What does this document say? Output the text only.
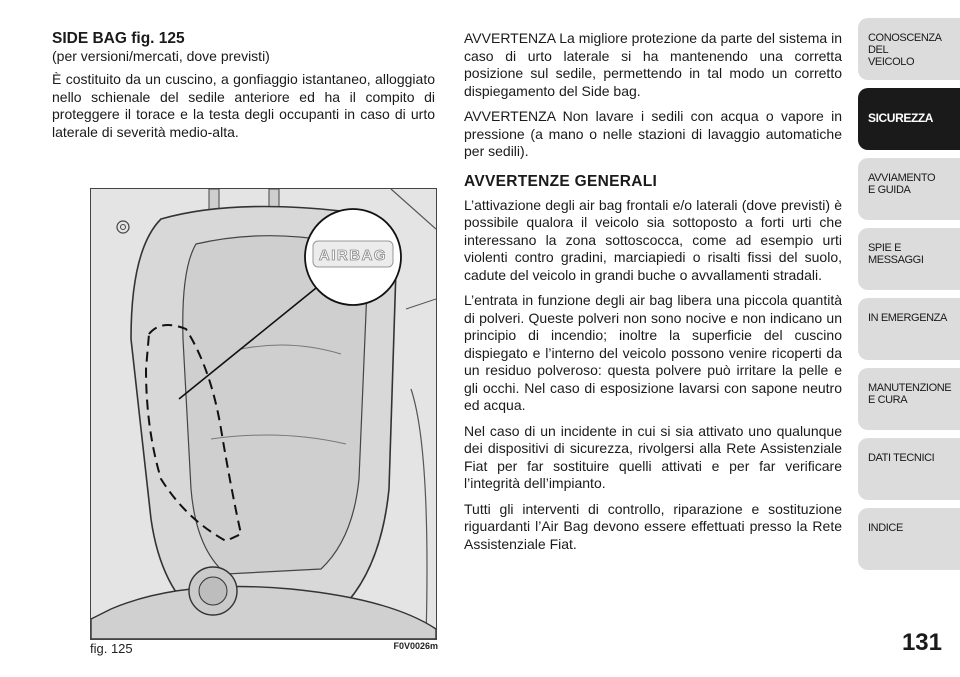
SIDE BAG fig. 125

(per versioni/mercati, dove previsti)

È costituito da un cuscino, a gonfiaggio istantaneo, alloggiato nello schienale del sedile anteriore ed ha il compito di proteggere il torace e la testa degli occupanti in caso di urto laterale di severità medio-alta.

AIRBAG
fig. 125	F0V0026m

AVVERTENZA La migliore protezione da parte del sistema in caso di urto laterale si ha mantenendo una corretta posizione sul sedile, permettendo in tal modo un corretto dispiegamento del Side bag.

AVVERTENZA Non lavare i sedili con acqua o vapore in pressione (a mano o nelle stazioni di lavaggio automatiche per sedili).

AVVERTENZE GENERALI

L’attivazione degli air bag frontali e/o laterali (dove previsti) è possibile qualora il veicolo sia sottoposto a forti urti che interessano la zona sottoscocca, come ad esempio urti violenti contro gradini, marciapiedi o risalti fissi del suolo, cadute del veicolo in grandi buche o avvallamenti stradali.

L’entrata in funzione degli air bag libera una piccola quantità di polveri. Queste polveri non sono nocive e non indicano un principio di incendio; inoltre la superficie del cuscino dispiegato e l’interno del veicolo possono venire ricoperti da un residuo polveroso: questa polvere può irritare la pelle e gli occhi. Nel caso di esposizione lavarsi con sapone neutro ed acqua.

Nel caso di un incidente in cui si sia attivato uno qualunque dei dispositivi di sicurezza, rivolgersi alla Rete Assistenziale Fiat per far sostituire quelli attivati e per far verificare l’integrità dell’impianto.

Tutti gli interventi di controllo, riparazione e sostituzione riguardanti l’Air Bag devono essere effettuati presso la Rete Assistenziale Fiat.

CONOSCENZA
DEL
VEICOLO
SICUREZZA
AVVIAMENTO
E GUIDA
SPIE E
MESSAGGI
IN EMERGENZA
MANUTENZIONE
E CURA
DATI TECNICI
INDICE
131
